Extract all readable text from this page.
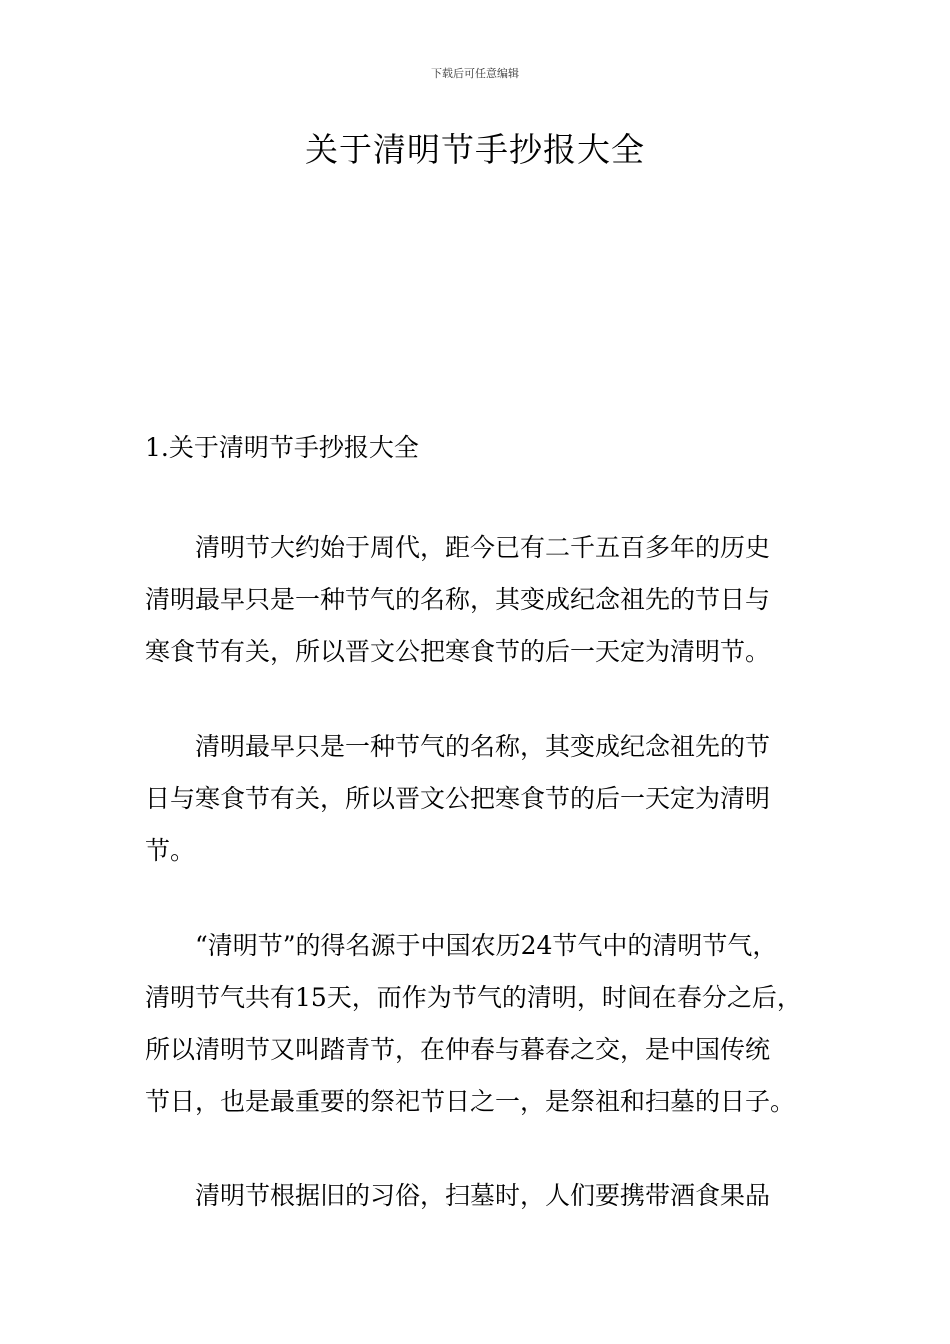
下载后可任意编辑
关于清明节手抄报大全

1.关于清明节手抄报大全

　　清明节大约始于周代，距今已有二千五百多年的历史
清明最早只是一种节气的名称，其变成纪念祖先的节日与
寒食节有关，所以晋文公把寒食节的后一天定为清明节。

　　清明最早只是一种节气的名称，其变成纪念祖先的节
日与寒食节有关，所以晋文公把寒食节的后一天定为清明
节。

　　“清明节”的得名源于中国农历24节气中的清明节气，
清明节气共有15天，而作为节气的清明，时间在春分之后，
所以清明节又叫踏青节，在仲春与暮春之交，是中国传统
节日，也是最重要的祭祀节日之一，是祭祖和扫墓的日子。

　　清明节根据旧的习俗，扫墓时，人们要携带酒食果品
